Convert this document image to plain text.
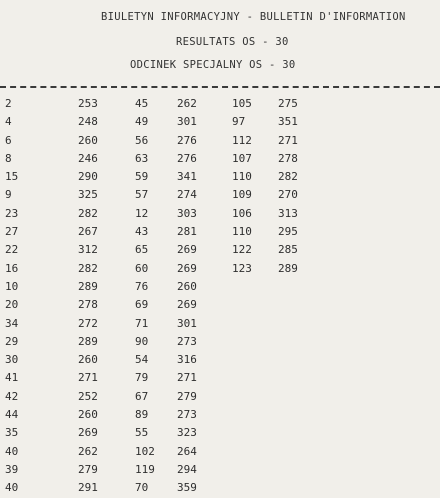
BIULETYN INFORMACYJNY - BULLETIN D'INFORMATION
RESULTATS OS - 30
ODCINEK SPECJALNY OS - 30
2
4
6
8
15
9
23
27
22
16
10
20
34
29
30
41
42
44
35
40
39
40
253
248
260
246
290
325
282
267
312
282
289
278
272
289
260
271
252
260
269
262
279
291
45
49
56
63
59
57
12
43
65
60
76
69
71
90
54
79
67
89
55
102
119
70
262
301
276
276
341
274
303
281
269
269
260
269
301
273
316
271
279
273
323
264
294
359
105
97
112
107
110
109
106
110
122
123
275
351
271
278
282
270
313
295
285
289
